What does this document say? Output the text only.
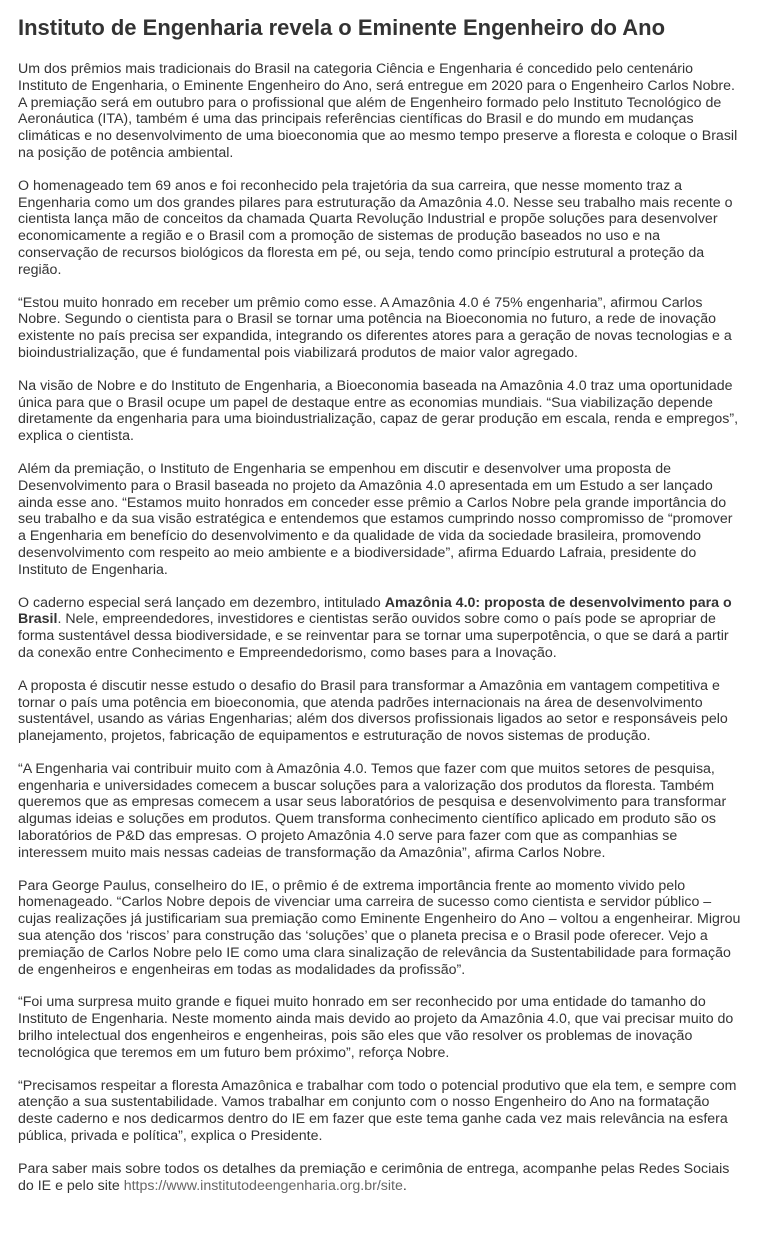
Instituto de Engenharia revela o Eminente Engenheiro do Ano

Um dos prêmios mais tradicionais do Brasil na categoria Ciência e Engenharia é concedido pelo centenário Instituto de Engenharia, o Eminente Engenheiro do Ano, será entregue em 2020 para o Engenheiro Carlos Nobre. A premiação será em outubro para o profissional que além de Engenheiro formado pelo Instituto Tecnológico de Aeronáutica (ITA), também é uma das principais referências científicas do Brasil e do mundo em mudanças climáticas e no desenvolvimento de uma bioeconomia que ao mesmo tempo preserve a floresta e coloque o Brasil na posição de potência ambiental.

O homenageado tem 69 anos e foi reconhecido pela trajetória da sua carreira, que nesse momento traz a Engenharia como um dos grandes pilares para estruturação da Amazônia 4.0. Nesse seu trabalho mais recente o cientista lança mão de conceitos da chamada Quarta Revolução Industrial e propõe soluções para desenvolver economicamente a região e o Brasil com a promoção de sistemas de produção baseados no uso e na conservação de recursos biológicos da floresta em pé, ou seja, tendo como princípio estrutural a proteção da região.

“Estou muito honrado em receber um prêmio como esse. A Amazônia 4.0 é 75% engenharia”, afirmou Carlos Nobre. Segundo o cientista para o Brasil se tornar uma potência na Bioeconomia no futuro, a rede de inovação existente no país precisa ser expandida, integrando os diferentes atores para a geração de novas tecnologias e a bioindustrialização, que é fundamental pois viabilizará produtos de maior valor agregado.

Na visão de Nobre e do Instituto de Engenharia, a Bioeconomia baseada na Amazônia 4.0 traz uma oportunidade única para que o Brasil ocupe um papel de destaque entre as economias mundiais. “Sua viabilização depende diretamente da engenharia para uma bioindustrialização, capaz de gerar produção em escala, renda e empregos”, explica o cientista.

Além da premiação, o Instituto de Engenharia se empenhou em discutir e desenvolver uma proposta de Desenvolvimento para o Brasil baseada no projeto da Amazônia 4.0 apresentada em um Estudo a ser lançado ainda esse ano. “Estamos muito honrados em conceder esse prêmio a Carlos Nobre pela grande importância do seu trabalho e da sua visão estratégica e entendemos que estamos cumprindo nosso compromisso de “promover a Engenharia em benefício do desenvolvimento e da qualidade de vida da sociedade brasileira, promovendo desenvolvimento com respeito ao meio ambiente e a biodiversidade”, afirma Eduardo Lafraia, presidente do Instituto de Engenharia.

O caderno especial será lançado em dezembro, intitulado Amazônia 4.0: proposta de desenvolvimento para o Brasil. Nele, empreendedores, investidores e cientistas serão ouvidos sobre como o país pode se apropriar de forma sustentável dessa biodiversidade, e se reinventar para se tornar uma superpotência, o que se dará a partir da conexão entre Conhecimento e Empreendedorismo, como bases para a Inovação.

A proposta é discutir nesse estudo o desafio do Brasil para transformar a Amazônia em vantagem competitiva e tornar o país uma potência em bioeconomia, que atenda padrões internacionais na área de desenvolvimento sustentável, usando as várias Engenharias; além dos diversos profissionais ligados ao setor e responsáveis pelo planejamento, projetos, fabricação de equipamentos e estruturação de novos sistemas de produção.

“A Engenharia vai contribuir muito com à Amazônia 4.0. Temos que fazer com que muitos setores de pesquisa, engenharia e universidades comecem a buscar soluções para a valorização dos produtos da floresta. Também queremos que as empresas comecem a usar seus laboratórios de pesquisa e desenvolvimento para transformar algumas ideias e soluções em produtos. Quem transforma conhecimento científico aplicado em produto são os laboratórios de P&D das empresas. O projeto Amazônia 4.0 serve para fazer com que as companhias se interessem muito mais nessas cadeias de transformação da Amazônia”, afirma Carlos Nobre.

Para George Paulus, conselheiro do IE, o prêmio é de extrema importância frente ao momento vivido pelo homenageado. “Carlos Nobre depois de vivenciar uma carreira de sucesso como cientista e servidor público – cujas realizações já justificariam sua premiação como Eminente Engenheiro do Ano – voltou a engenheirar. Migrou sua atenção dos ‘riscos’ para construção das ‘soluções’ que o planeta precisa e o Brasil pode oferecer. Vejo a premiação de Carlos Nobre pelo IE como uma clara sinalização de relevância da Sustentabilidade para formação de engenheiros e engenheiras em todas as modalidades da profissão”.

“Foi uma surpresa muito grande e fiquei muito honrado em ser reconhecido por uma entidade do tamanho do Instituto de Engenharia. Neste momento ainda mais devido ao projeto da Amazônia 4.0, que vai precisar muito do brilho intelectual dos engenheiros e engenheiras, pois são eles que vão resolver os problemas de inovação tecnológica que teremos em um futuro bem próximo”, reforça Nobre.

“Precisamos respeitar a floresta Amazônica e trabalhar com todo o potencial produtivo que ela tem, e sempre com atenção a sua sustentabilidade. Vamos trabalhar em conjunto com o nosso Engenheiro do Ano na formatação deste caderno e nos dedicarmos dentro do IE em fazer que este tema ganhe cada vez mais relevância na esfera pública, privada e política”, explica o Presidente.

Para saber mais sobre todos os detalhes da premiação e cerimônia de entrega, acompanhe pelas Redes Sociais do IE e pelo site https://www.institutodeengenharia.org.br/site.
